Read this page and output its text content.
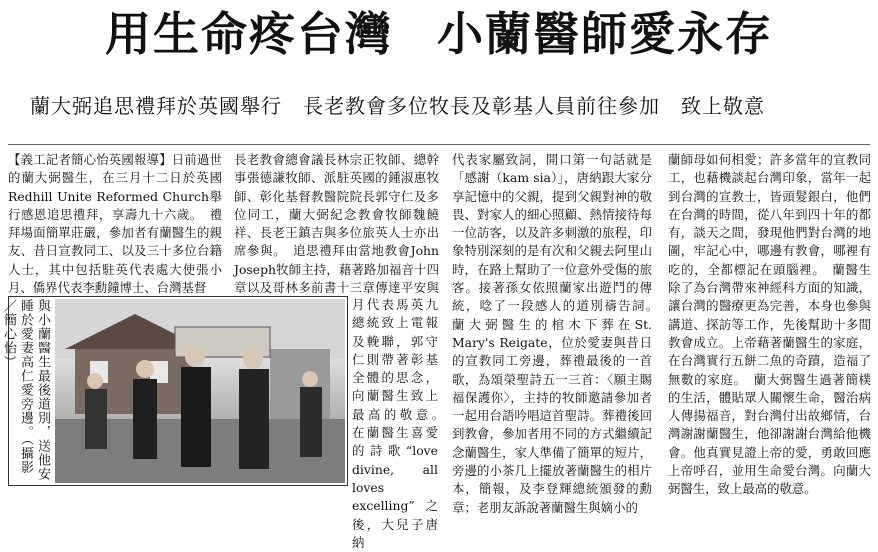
用生命疼台灣 小蘭醫師愛永存
蘭大弼追思禮拜於英國舉行　 長老教會多位牧長及彰基人員前往參加　 致上敬意

【義工記者簡心怡英國報導】日前過世的蘭大弼醫生，在三月十二日於英國Redhill Unite Reformed Church舉行感恩追思禮拜，享壽九十六歲。　禮拜場面簡單莊嚴，參加者有蘭醫生的親友、昔日宣教同工、以及三十多位台籍人士，其中包括駐英代表處大使張小月、僑界代表李勳鐘博士、台灣基督

長老教會總會議長林宗正牧師、總幹事張德謙牧師、派駐英國的鍾淑惠牧師、彰化基督教醫院院長郭守仁及多位同工，蘭大弼紀念教會牧師魏饒祥、長老王鎮吉與多位旅英人士亦出席參與。　追思禮拜由當地教會John Joseph牧師主持，藉著路加福音十四章以及哥林多前書十三章傳達平安與

月代表馬英九總統致上電報及輓聯，郭守仁則帶著彰基全體的思念，向蘭醫生致上最高的敬意。　在蘭醫生喜愛的詩歌“love divine, all loves excelling”之後，大兒子唐納

代表家屬致詞，開口第一句話就是「感謝（kam sia）」，唐納跟大家分享記憶中的父親，提到父親對神的敬畏、對家人的細心照顧、熱情接待每一位訪客，以及許多刺激的旅程，印象特別深刻的是有次和父親去阿里山時，在路上幫助了一位意外受傷的旅客。接著孫女依照蘭家出遊鬥的傳統，唸了一段感人的道別禱告詞。　蘭大弼醫生的棺木下葬在St. Mary's Reigate，位於愛妻與昔日的宣教同工旁邊，葬禮最後的一首歌，為頌榮聖詩五一三首：〈願主賜福保護你〉，主持的牧師邀請參加者一起用台語吟唱這首聖詩。葬禮後回到教會，參加者用不同的方式繼續記念蘭醫生，家人準備了簡單的短片，旁邊的小茶几上擺放著蘭醫生的相片本，簡報，及李登輝總統頒發的勳章；老朋友訴說著蘭醫生與嫡小的

蘭師母如何相愛；許多當年的宣教同工，也藉機談起台灣印象，當年一起到台灣的宣教士，皆頭髮銀白，他們在台灣的時間，從八年到四十年的都有，談天之間，發現他們對台灣的地圖，牢記心中，哪邊有教會，哪裡有吃的，全都標記在頭腦裡。　蘭醫生除了為台灣帶來神經科方面的知識，讓台灣的醫療更為完善，本身也參與講道、探訪等工作，先後幫助十多間教會成立。上帝藉著蘭醫生的家庭，在台灣實行五餅二魚的奇蹟，造福了無數的家庭。　蘭大弼醫生過著簡樸的生活，體貼眾人關懷生命，醫治病人傳揚福音，對台灣付出故鄉情，台灣謝謝蘭醫生，他卻謝謝台灣給他機會。他真實見證上帝的愛，勇敢回應上帝呼召，並用生命愛台灣。向蘭大弼醫生，致上最高的敬意。

與小蘭醫生最後道別，送他安睡於愛妻高仁愛旁邊。（攝影／簡心怡）
